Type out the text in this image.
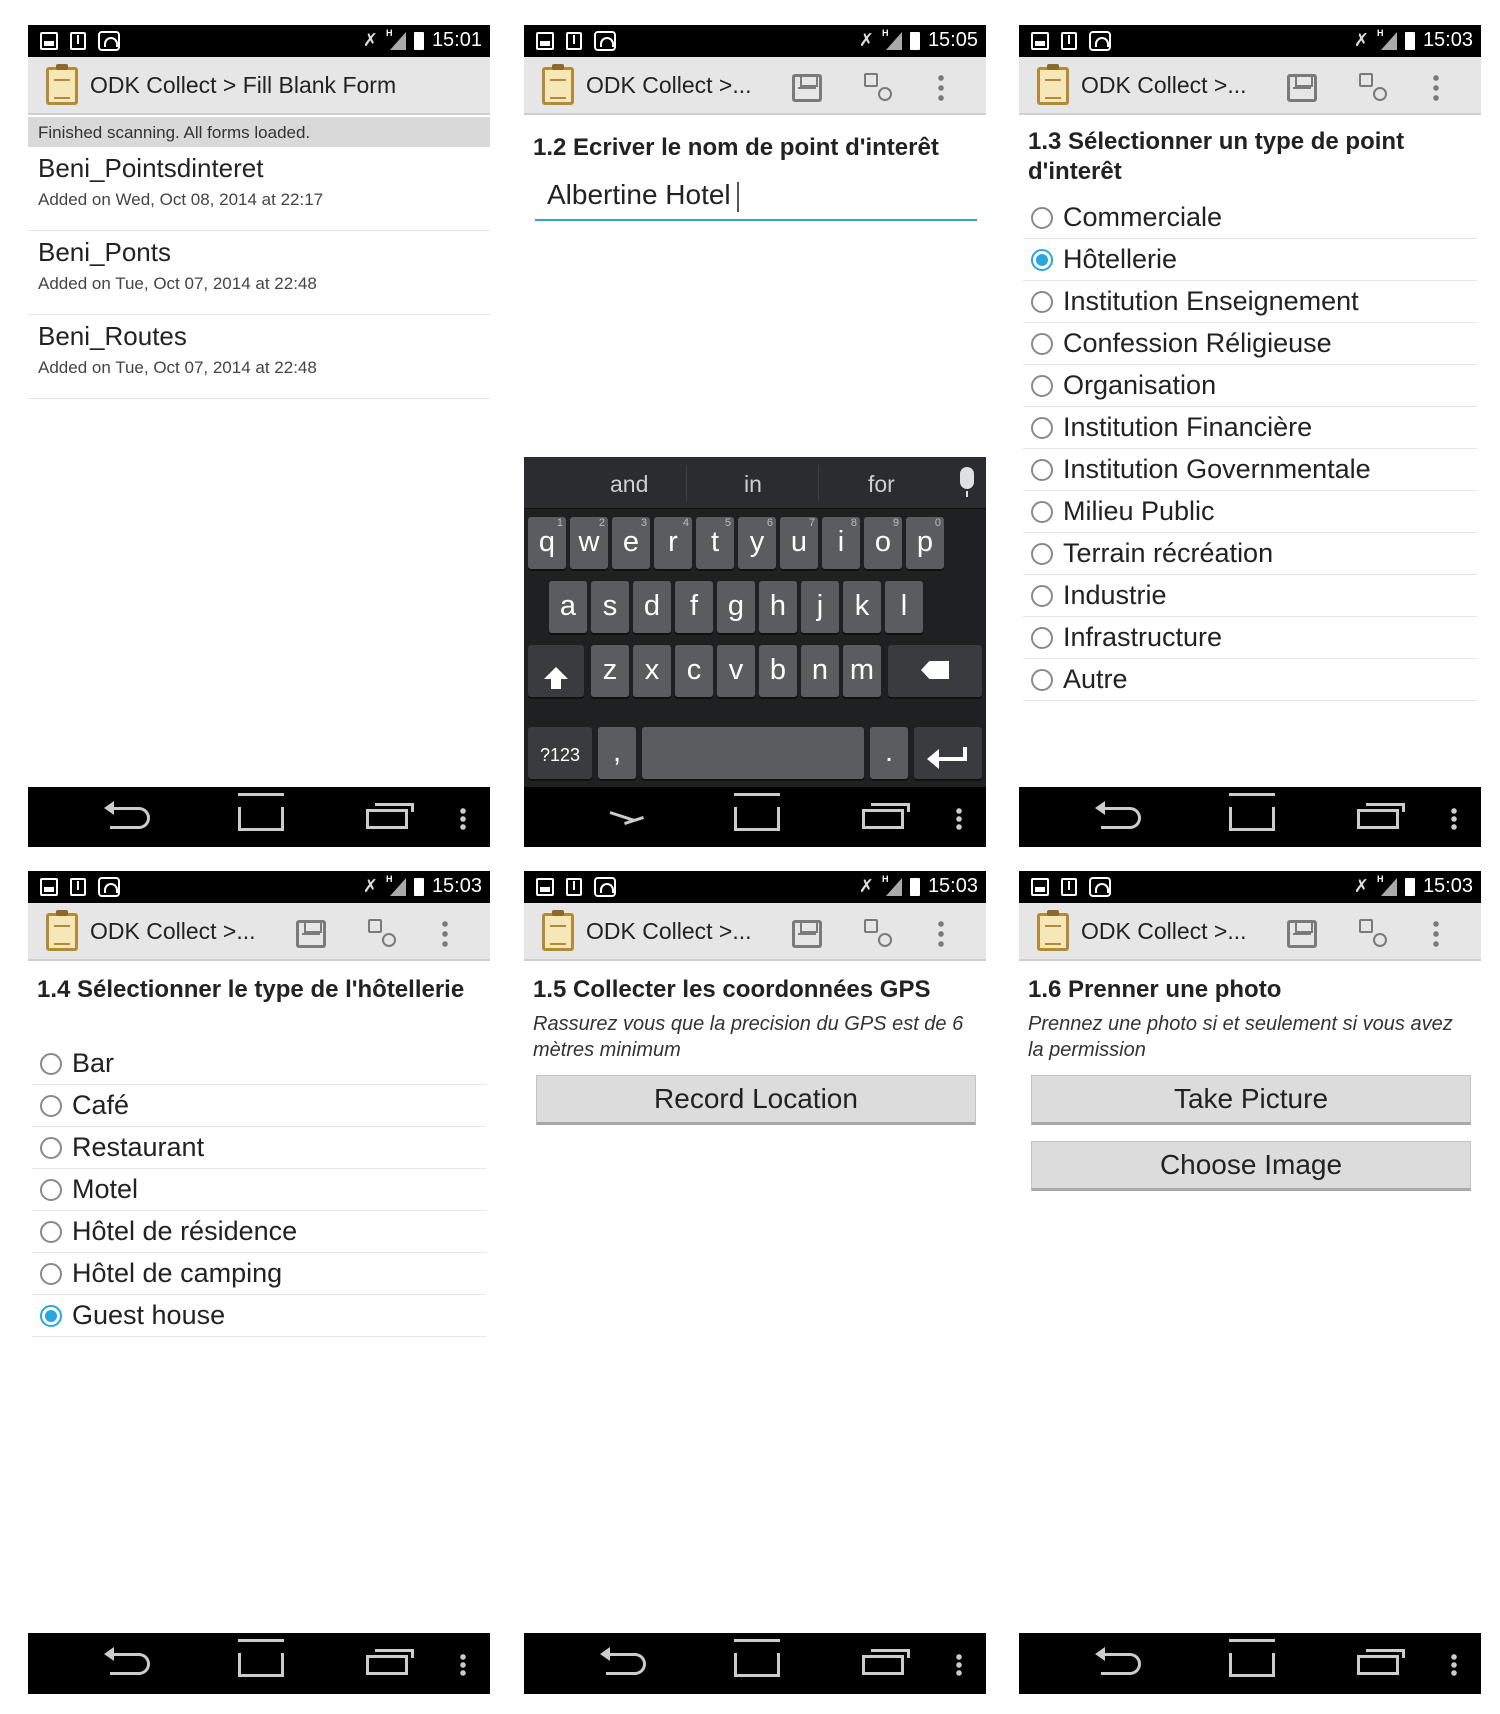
✗ H	15:01
ODK Collect > Fill Blank Form
Finished scanning. All forms loaded.
Beni_Pointsdinteret
Added on Wed, Oct 08, 2014 at 22:17
Beni_Ponts
Added on Tue, Oct 07, 2014 at 22:48
Beni_Routes
Added on Tue, Oct 07, 2014 at 22:48
✗ H	15:05
ODK Collect >...
1.2 Ecriver le nom de point d'interêt
Albertine Hotel
and	in	for
q
1
w
2
e
3
r
4
t
5
y
6
u
7
i
8
o
9
p
0
a s d	f	g h	j	k	l
z x c v b n m
?123	,	.
✗ H	15:03
ODK Collect >...
1.3 Sélectionner un type de point d'interêt
Commerciale
Hôtellerie
Institution Enseignement
Confession Réligieuse
Organisation
Institution Financière
Institution Governmentale
Milieu Public
Terrain récréation
Industrie
Infrastructure
Autre
✗ H	15:03
ODK Collect >...
1.4 Sélectionner le type de l'hôtellerie
Bar
Café
Restaurant
Motel
Hôtel de résidence
Hôtel de camping
Guest house
✗ H	15:03
ODK Collect >...
1.5 Collecter les coordonnées GPS
Rassurez vous que la precision du GPS est de 6 mètres minimum
Record Location
✗ H	15:03
ODK Collect >...
1.6 Prenner une photo
Prennez une photo si et seulement si vous avez la permission
Take Picture
Choose Image
